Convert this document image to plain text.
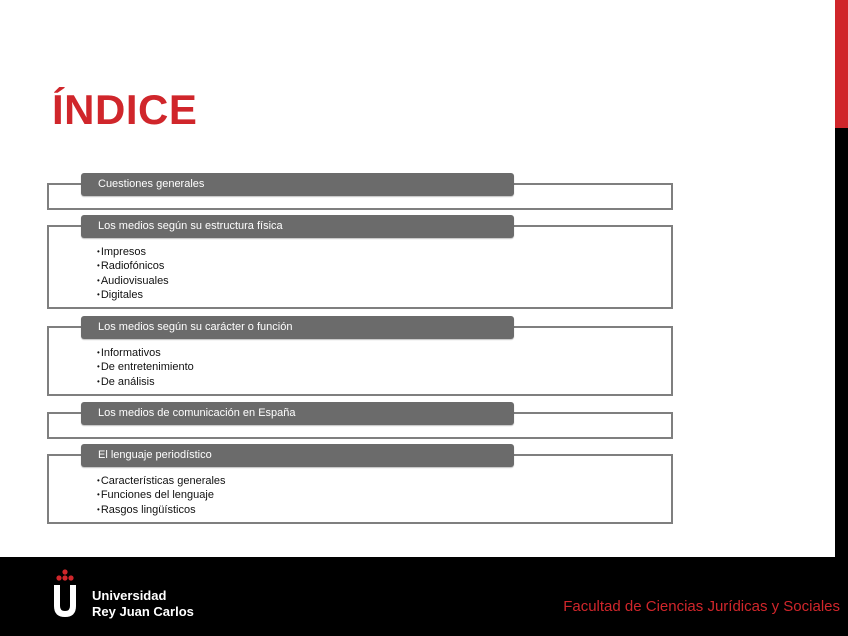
ÍNDICE
Cuestiones generales
Los medios según su estructura física
• Impresos
• Radiofónicos
• Audiovisuales
• Digitales
Los medios según su carácter o función
• Informativos
• De entretenimiento
• De análisis
Los medios de comunicación en España
El lenguaje periodístico
• Características generales
• Funciones del lenguaje
• Rasgos lingüísticos
Universidad
Rey Juan Carlos	Facultad de Ciencias Jurídicas y Sociales
